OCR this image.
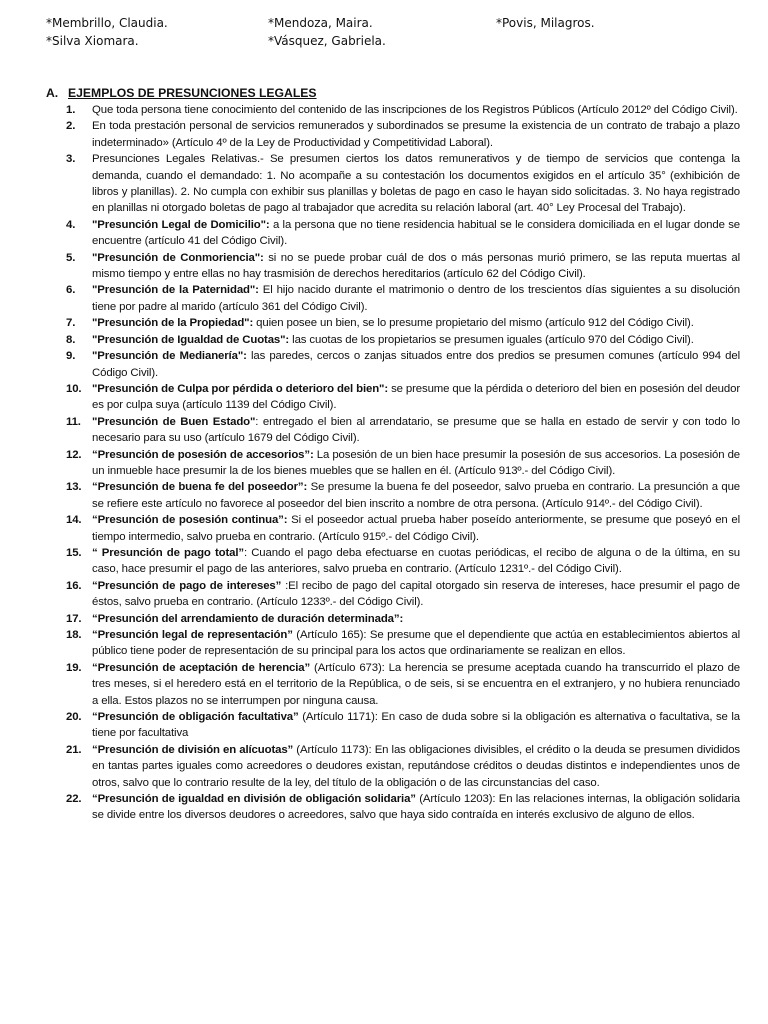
*Membrillo, Claudia.	*Mendoza, Maira.	*Povis, Milagros.
*Silva Xiomara.	*Vásquez, Gabriela.
A. EJEMPLOS DE PRESUNCIONES LEGALES
1.	Que toda persona tiene conocimiento del contenido de las inscripciones de los Registros Públicos (Artículo 2012º del Código Civil).
2.	En toda prestación personal de servicios remunerados y subordinados se presume la existencia de un contrato de trabajo a plazo indeterminado» (Artículo 4º de la Ley de Productividad y Competitividad Laboral).
3.	Presunciones Legales Relativas.- Se presumen ciertos los datos remunerativos y de tiempo de servicios que contenga la demanda, cuando el demandado: 1. No acompañe a su contestación los documentos exigidos en el artículo 35° (exhibición de libros y planillas). 2. No cumpla con exhibir sus planillas y boletas de pago en caso le hayan sido solicitadas. 3. No haya registrado en planillas ni otorgado boletas de pago al trabajador que acredita su relación laboral (art. 40° Ley Procesal del Trabajo).
4.	"Presunción Legal de Domicilio": a la persona que no tiene residencia habitual se le considera domiciliada en el lugar donde se encuentre (artículo 41 del Código Civil).
5.	"Presunción de Conmoriencia": si no se puede probar cuál de dos o más personas murió primero, se las reputa muertas al mismo tiempo y entre ellas no hay trasmisión de derechos hereditarios (artículo 62 del Código Civil).
6.	"Presunción de la Paternidad": El hijo nacido durante el matrimonio o dentro de los trescientos días siguientes a su disolución tiene por padre al marido (artículo 361 del Código Civil).
7.	"Presunción de la Propiedad": quien posee un bien, se lo presume propietario del mismo (artículo 912 del Código Civil).
8.	"Presunción de Igualdad de Cuotas": las cuotas de los propietarios se presumen iguales (artículo 970 del Código Civil).
9.	"Presunción de Medianería": las paredes, cercos o zanjas situados entre dos predios se presumen comunes (artículo 994 del Código Civil).
10. "Presunción de Culpa por pérdida o deterioro del bien": se presume que la pérdida o deterioro del bien en posesión del deudor es por culpa suya (artículo 1139 del Código Civil).
11. "Presunción de Buen Estado": entregado el bien al arrendatario, se presume que se halla en estado de servir y con todo lo necesario para su uso (artículo 1679 del Código Civil).
12. “Presunción de posesión de accesorios”: La posesión de un bien hace presumir la posesión de sus accesorios. La posesión de un inmueble hace presumir la de los bienes muebles que se hallen en él. (Artículo 913º.- del Código Civil).
13. “Presunción de buena fe del poseedor”: Se presume la buena fe del poseedor, salvo prueba en contrario. La presunción a que se refiere este artículo no favorece al poseedor del bien inscrito a nombre de otra persona. (Artículo 914º.- del Código Civil).
14. “Presunción de posesión continua”: Si el poseedor actual prueba haber poseído anteriormente, se presume que poseyó en el tiempo intermedio, salvo prueba en contrario. (Artículo 915º.- del Código Civil).
15. “ Presunción de pago total”: Cuando el pago deba efectuarse en cuotas periódicas, el recibo de alguna o de la última, en su caso, hace presumir el pago de las anteriores, salvo prueba en contrario. (Artículo 1231º.- del Código Civil).
16. “Presunción de pago de intereses” :El recibo de pago del capital otorgado sin reserva de intereses, hace presumir el pago de éstos, salvo prueba en contrario. (Artículo 1233º.- del Código Civil).
17. “Presunción del arrendamiento de duración determinada”:
18. “Presunción legal de representación” (Artículo 165): Se presume que el dependiente que actúa en establecimientos abiertos al público tiene poder de representación de su principal para los actos que ordinariamente se realizan en ellos.
19. “Presunción de aceptación de herencia” (Artículo 673): La herencia se presume aceptada cuando ha transcurrido el plazo de tres meses, si el heredero está en el territorio de la República, o de seis, si se encuentra en el extranjero, y no hubiera renunciado a ella. Estos plazos no se interrumpen por ninguna causa.
20. “Presunción de obligación facultativa” (Artículo 1171): En caso de duda sobre si la obligación es alternativa o facultativa, se la tiene por facultativa
21. “Presunción de división en alícuotas” (Artículo 1173): En las obligaciones divisibles, el crédito o la deuda se presumen divididos en tantas partes iguales como acreedores o deudores existan, reputándose créditos o deudas distintos e independientes unos de otros, salvo que lo contrario resulte de la ley, del título de la obligación o de las circunstancias del caso.
22. “Presunción de igualdad en división de obligación solidaria” (Artículo 1203): En las relaciones internas, la obligación solidaria se divide entre los diversos deudores o acreedores, salvo que haya sido contraída en interés exclusivo de alguno de ellos.
